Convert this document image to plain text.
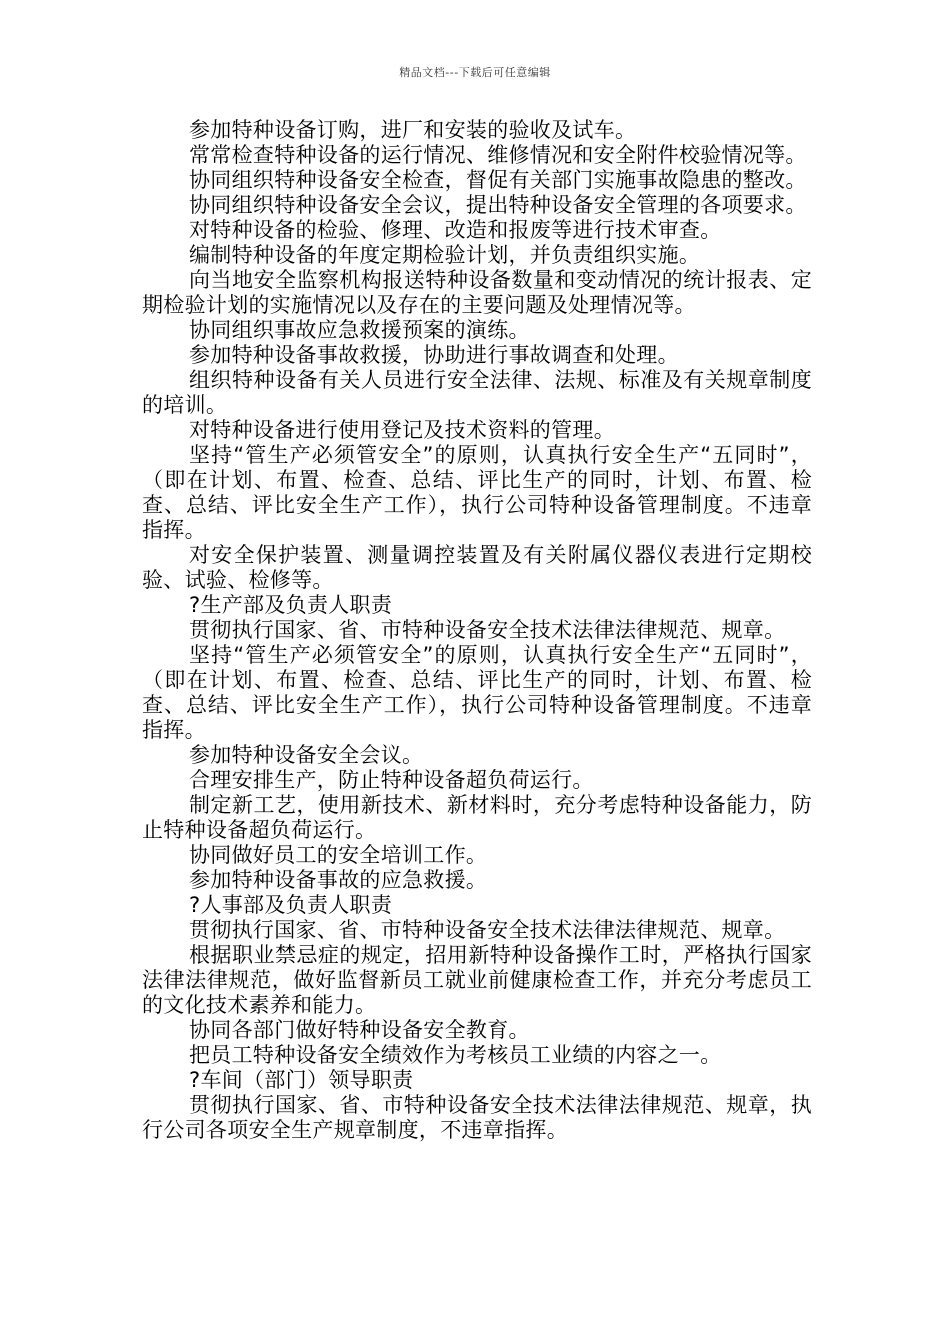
精品文档---下载后可任意编辑

参加特种设备订购，进厂和安装的验收及试车。

常常检查特种设备的运行情况、维修情况和安全附件校验情况等。

协同组织特种设备安全检查，督促有关部门实施事故隐患的整改。

协同组织特种设备安全会议，提出特种设备安全管理的各项要求。

对特种设备的检验、修理、改造和报废等进行技术审查。

编制特种设备的年度定期检验计划，并负责组织实施。

向当地安全监察机构报送特种设备数量和变动情况的统计报表、定期检验计划的实施情况以及存在的主要问题及处理情况等。

协同组织事故应急救援预案的演练。

参加特种设备事故救援，协助进行事故调查和处理。

组织特种设备有关人员进行安全法律、法规、标准及有关规章制度的培训。

对特种设备进行使用登记及技术资料的管理。

坚持“管生产必须管安全”的原则，认真执行安全生产“五同时”，（即在计划、布置、检查、总结、评比生产的同时，计划、布置、检查、总结、评比安全生产工作），执行公司特种设备管理制度。不违章指挥。

对安全保护装置、测量调控装置及有关附属仪器仪表进行定期校验、试验、检修等。

?生产部及负责人职责

贯彻执行国家、省、市特种设备安全技术法律法律规范、规章。

坚持“管生产必须管安全”的原则，认真执行安全生产“五同时”，（即在计划、布置、检查、总结、评比生产的同时，计划、布置、检查、总结、评比安全生产工作），执行公司特种设备管理制度。不违章指挥。

参加特种设备安全会议。

合理安排生产，防止特种设备超负荷运行。

制定新工艺，使用新技术、新材料时，充分考虑特种设备能力，防止特种设备超负荷运行。

协同做好员工的安全培训工作。

参加特种设备事故的应急救援。

?人事部及负责人职责

贯彻执行国家、省、市特种设备安全技术法律法律规范、规章。

根据职业禁忌症的规定，招用新特种设备操作工时，严格执行国家法律法律规范，做好监督新员工就业前健康检查工作，并充分考虑员工的文化技术素养和能力。

协同各部门做好特种设备安全教育。

把员工特种设备安全绩效作为考核员工业绩的内容之一。

?车间（部门）领导职责

贯彻执行国家、省、市特种设备安全技术法律法律规范、规章，执行公司各项安全生产规章制度，不违章指挥。
